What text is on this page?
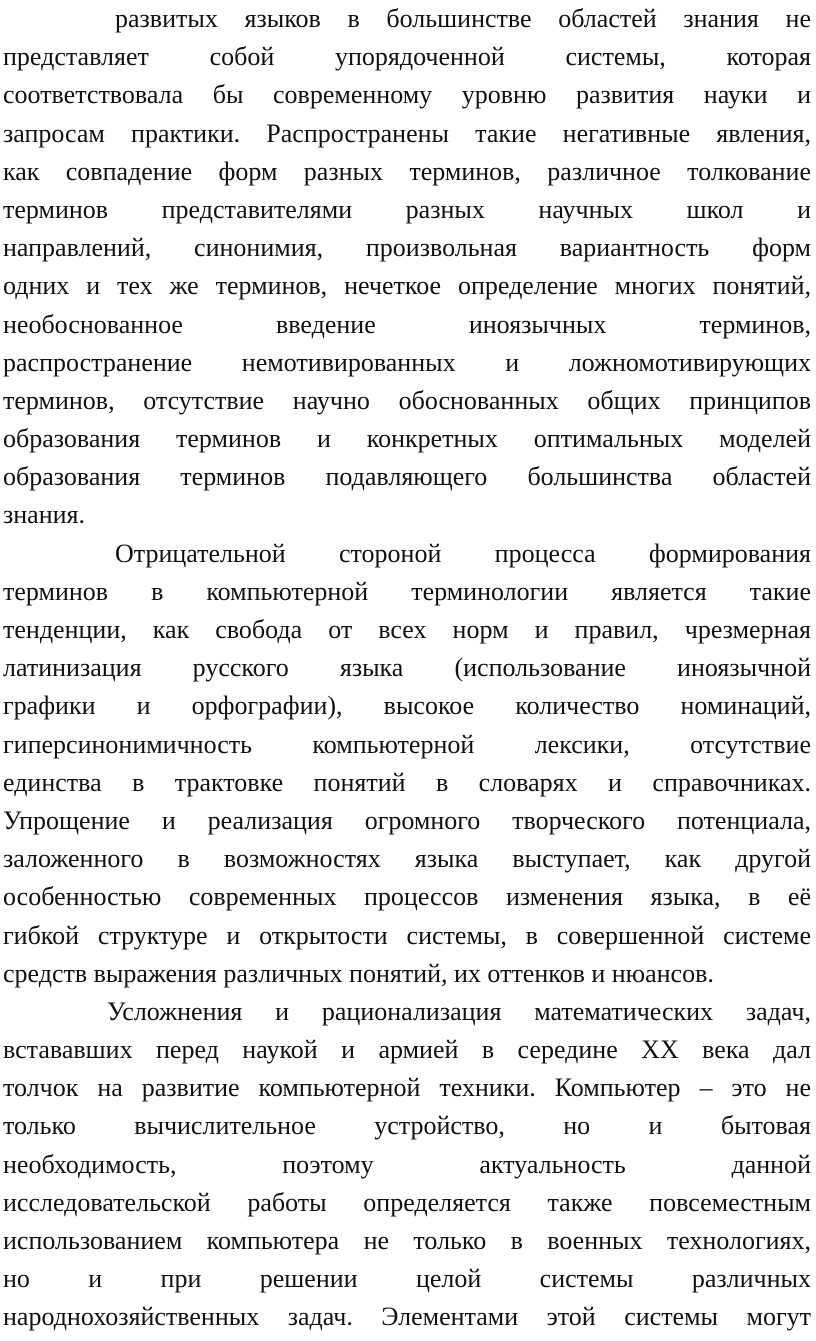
развитых языков в большинстве областей знания не
представляет собой упорядоченной системы, которая
соответствовала бы современному уровню развития науки и
запросам практики. Распространены такие негативные явления,
как совпадение форм разных терминов, различное толкование
терминов представителями разных научных школ и
направлений, синонимия, произвольная вариантность форм
одних и тех же терминов, нечеткое определение многих понятий,
необоснованное введение иноязычных терминов,
распространение немотивированных и ложномотивирующих
терминов, отсутствие научно обоснованных общих принципов
образования терминов и конкретных оптимальных моделей
образования терминов подавляющего большинства областей
знания.
Отрицательной стороной процесса формирования
терминов в компьютерной терминологии является такие
тенденции, как свобода от всех норм и правил, чрезмерная
латинизация русского языка (использование иноязычной
графики и орфографии), высокое количество номинаций,
гиперсинонимичность компьютерной лексики, отсутствие
единства в трактовке понятий в словарях и справочниках.
Упрощение и реализация огромного творческого потенциала,
заложенного в возможностях языка выступает, как другой
особенностью современных процессов изменения языка, в её
гибкой структуре и открытости системы, в совершенной системе
средств выражения различных понятий, их оттенков и нюансов.
Усложнения и рационализация математических задач,
встававших перед наукой и армией в середине XX века дал
толчок на развитие компьютерной техники. Компьютер – это не
только вычислительное устройство, но и бытовая
необходимость, поэтому актуальность данной
исследовательской работы определяется также повсеместным
использованием компьютера не только в военных технологиях,
но и при решении целой системы различных
народнохозяйственных задач. Элементами этой системы могут
